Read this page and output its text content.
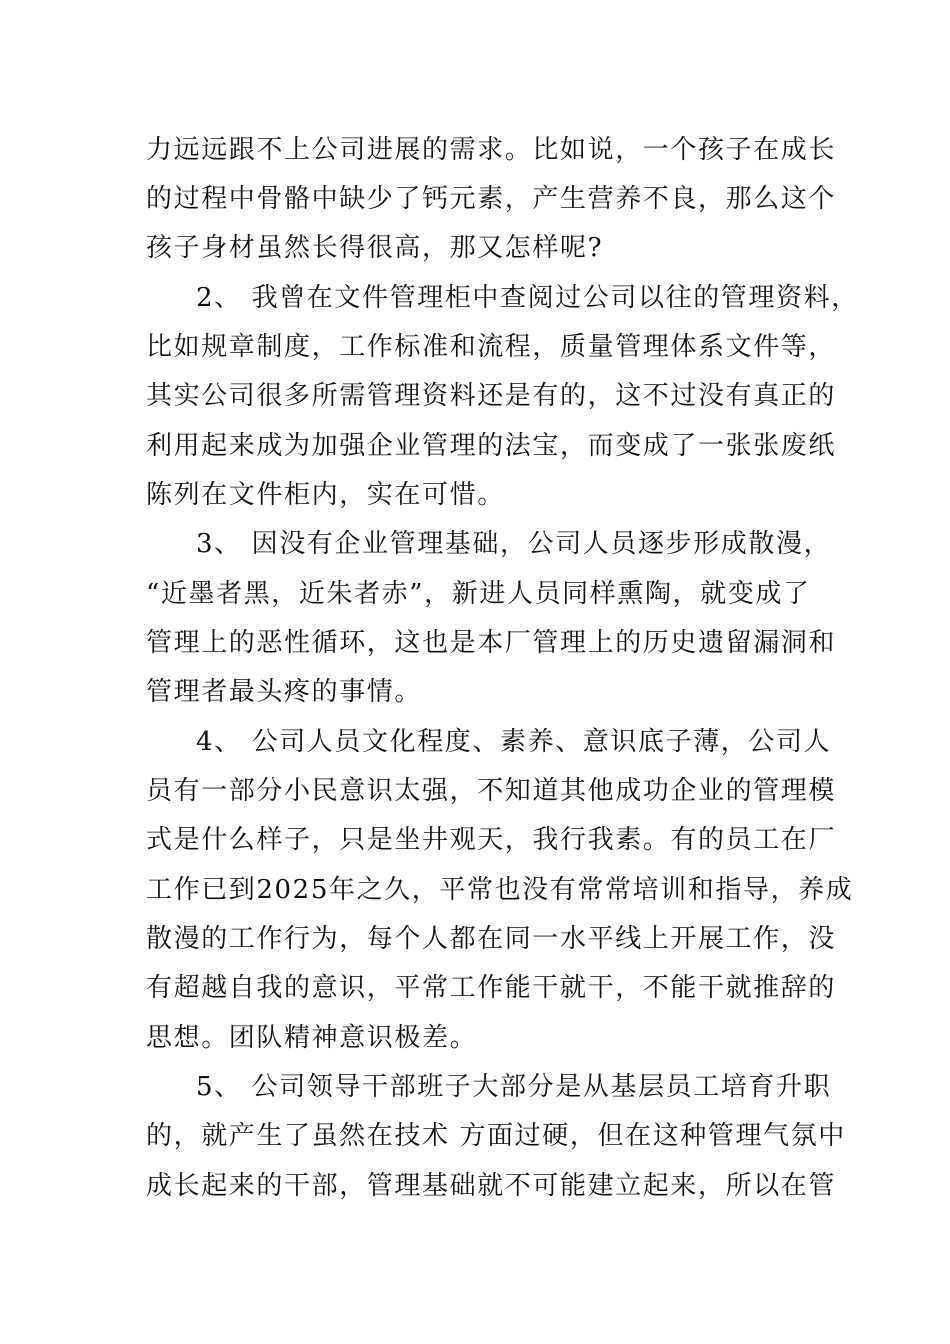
力远远跟不上公司进展的需求。比如说，一个孩子在成长
的过程中骨骼中缺少了钙元素，产生营养不良，那么这个
孩子身材虽然长得很高，那又怎样呢?
2、 我曾在文件管理柜中查阅过公司以往的管理资料，
比如规章制度，工作标准和流程，质量管理体系文件等，
其实公司很多所需管理资料还是有的，这不过没有真正的
利用起来成为加强企业管理的法宝，而变成了一张张废纸
陈列在文件柜内，实在可惜。
3、 因没有企业管理基础，公司人员逐步形成散漫，
“近墨者黑，近朱者赤”，新进人员同样熏陶，就变成了
管理上的恶性循环，这也是本厂管理上的历史遗留漏洞和
管理者最头疼的事情。
4、 公司人员文化程度、素养、意识底子薄，公司人
员有一部分小民意识太强，不知道其他成功企业的管理模
式是什么样子，只是坐井观天，我行我素。有的员工在厂
工作已到2025年之久，平常也没有常常培训和指导，养成
散漫的工作行为，每个人都在同一水平线上开展工作，没
有超越自我的意识，平常工作能干就干，不能干就推辞的
思想。团队精神意识极差。
5、 公司领导干部班子大部分是从基层员工培育升职
的，就产生了虽然在技术 方面过硬，但在这种管理气氛中
成长起来的干部，管理基础就不可能建立起来，所以在管
